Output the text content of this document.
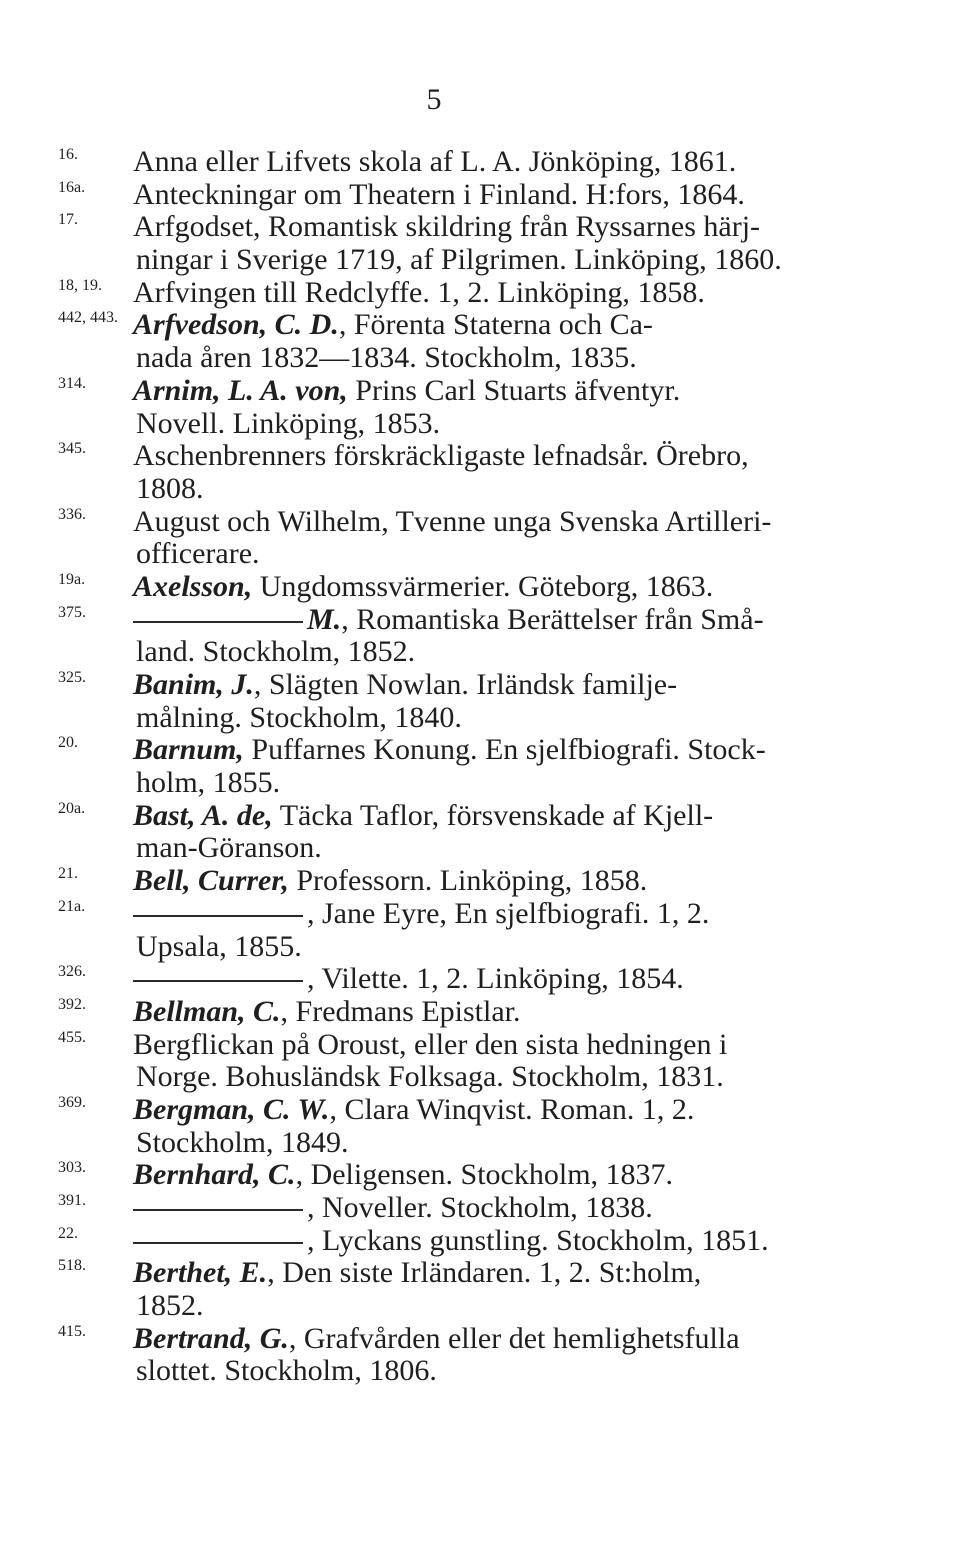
5
16.	Anna eller Lifvets skola af L. A. Jönköping, 1861.
16a.	Anteckningar om Theatern i Finland. H:fors, 1864.
17.	Arfgodset, Romantisk skildring från Ryssarnes härj-
ningar i Sverige 1719, af Pilgrimen. Linköping, 1860.
18, 19.	Arfvingen till Redclyffe. 1, 2. Linköping, 1858.
442, 443. Arfvedson, C. D., Förenta Staterna och Ca-
nada åren 1832—1834. Stockholm, 1835.
314.	Arnim, L. A. von, Prins Carl Stuarts äfventyr.
Novell. Linköping, 1853.
345.	Aschenbrenners förskräckligaste lefnadsår. Örebro,
1808.
336.	August och Wilhelm, Tvenne unga Svenska Artilleri-
officerare.
19a.	Axelsson, Ungdomssvärmerier. Göteborg, 1863.
375.	M., Romantiska Berättelser från Små-
land. Stockholm, 1852.
325.	Banim, J., Slägten Nowlan. Irländsk familje-
målning. Stockholm, 1840.
20.	Barnum, Puffarnes Konung. En sjelfbiografi. Stock-
holm, 1855.
20a.	Bast, A. de, Täcka Taflor, försvenskade af Kjell-
man-Göranson.
21.	Bell, Currer, Professorn. Linköping, 1858.
21a.	, Jane Eyre, En sjelfbiografi. 1, 2.
Upsala, 1855.
326.	, Vilette. 1, 2. Linköping, 1854.
392.	Bellman, C., Fredmans Epistlar.
455.	Bergflickan på Oroust, eller den sista hedningen i
Norge. Bohusländsk Folksaga. Stockholm, 1831.
369.	Bergman, C. W., Clara Winqvist. Roman. 1, 2.
Stockholm, 1849.
303.	Bernhard, C., Deligensen. Stockholm, 1837.
391.	, Noveller. Stockholm, 1838.
22.	, Lyckans gunstling. Stockholm, 1851.
518.	Berthet, E., Den siste Irländaren. 1, 2. St:holm,
1852.
415.	Bertrand, G., Grafvården eller det hemlighetsfulla
slottet. Stockholm, 1806.
